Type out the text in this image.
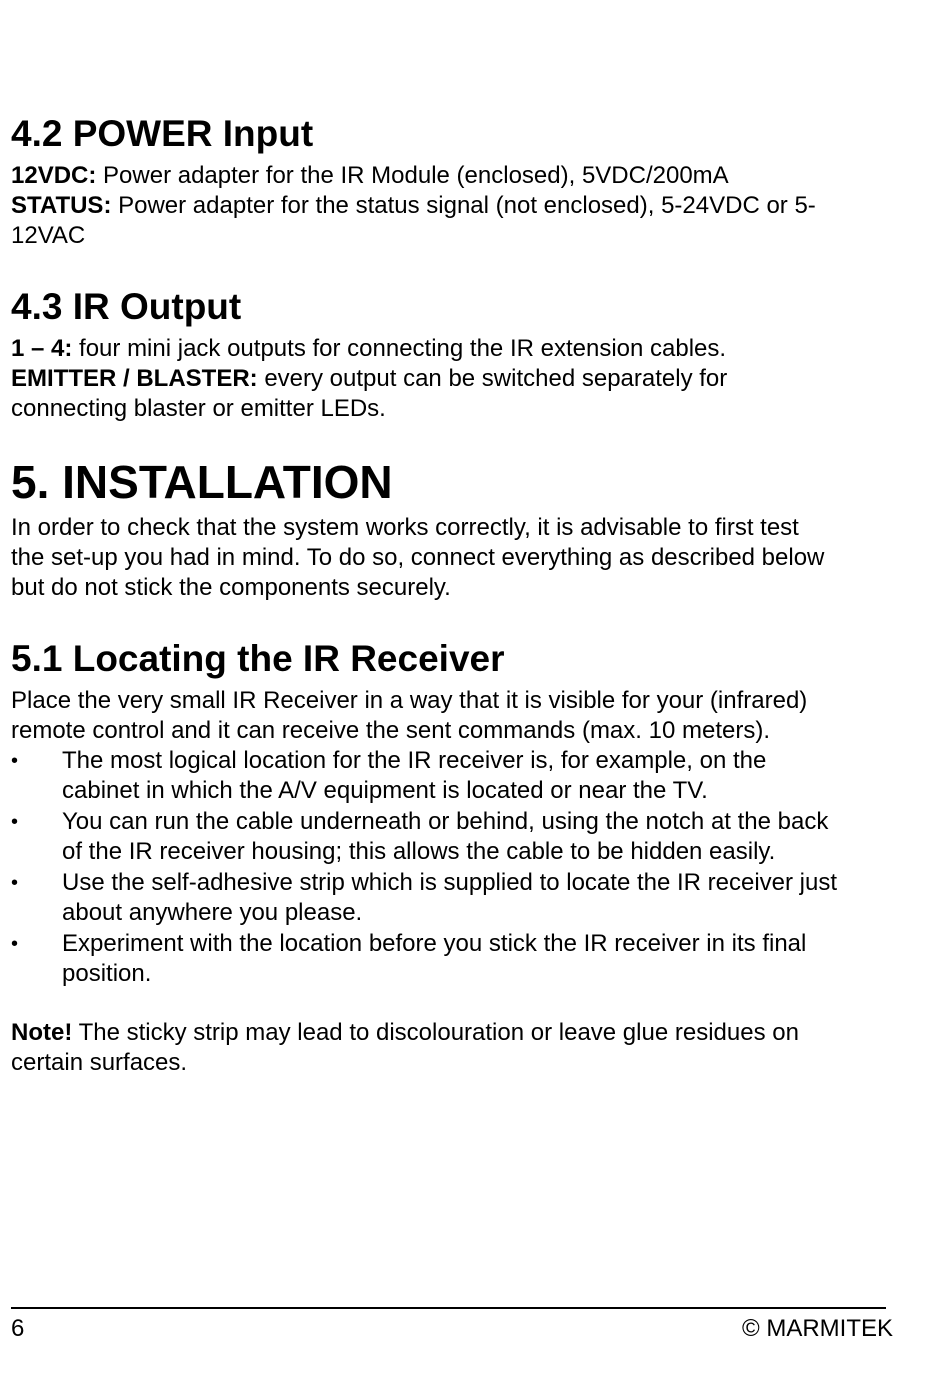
4.2 POWER Input

12VDC: Power adapter for the IR Module (enclosed), 5VDC/200mA

STATUS: Power adapter for the status signal (not enclosed), 5-24VDC or 5-

12VAC

4.3 IR Output

1 – 4: four mini jack outputs for connecting the IR extension cables.

EMITTER / BLASTER: every output can be switched separately for

connecting blaster or emitter LEDs.

5. INSTALLATION

In order to check that the system works correctly, it is advisable to first test

the set-up you had in mind. To do so, connect everything as described below

but do not stick the components securely.

5.1 Locating the IR Receiver

Place the very small IR Receiver in a way that it is visible for your (infrared)

remote control and it can receive the sent commands (max. 10 meters).

•	The most logical location for the IR receiver is, for example, on the
cabinet in which the A/V equipment is located or near the TV.
•	You can run the cable underneath or behind, using the notch at the back
of the IR receiver housing; this allows the cable to be hidden easily.
•	Use the self-adhesive strip which is supplied to locate the IR receiver just
about anywhere you please.
•	Experiment with the location before you stick the IR receiver in its final
position.

Note! The sticky strip may lead to discolouration or leave glue residues on

certain surfaces.

6	© MARMITEK
